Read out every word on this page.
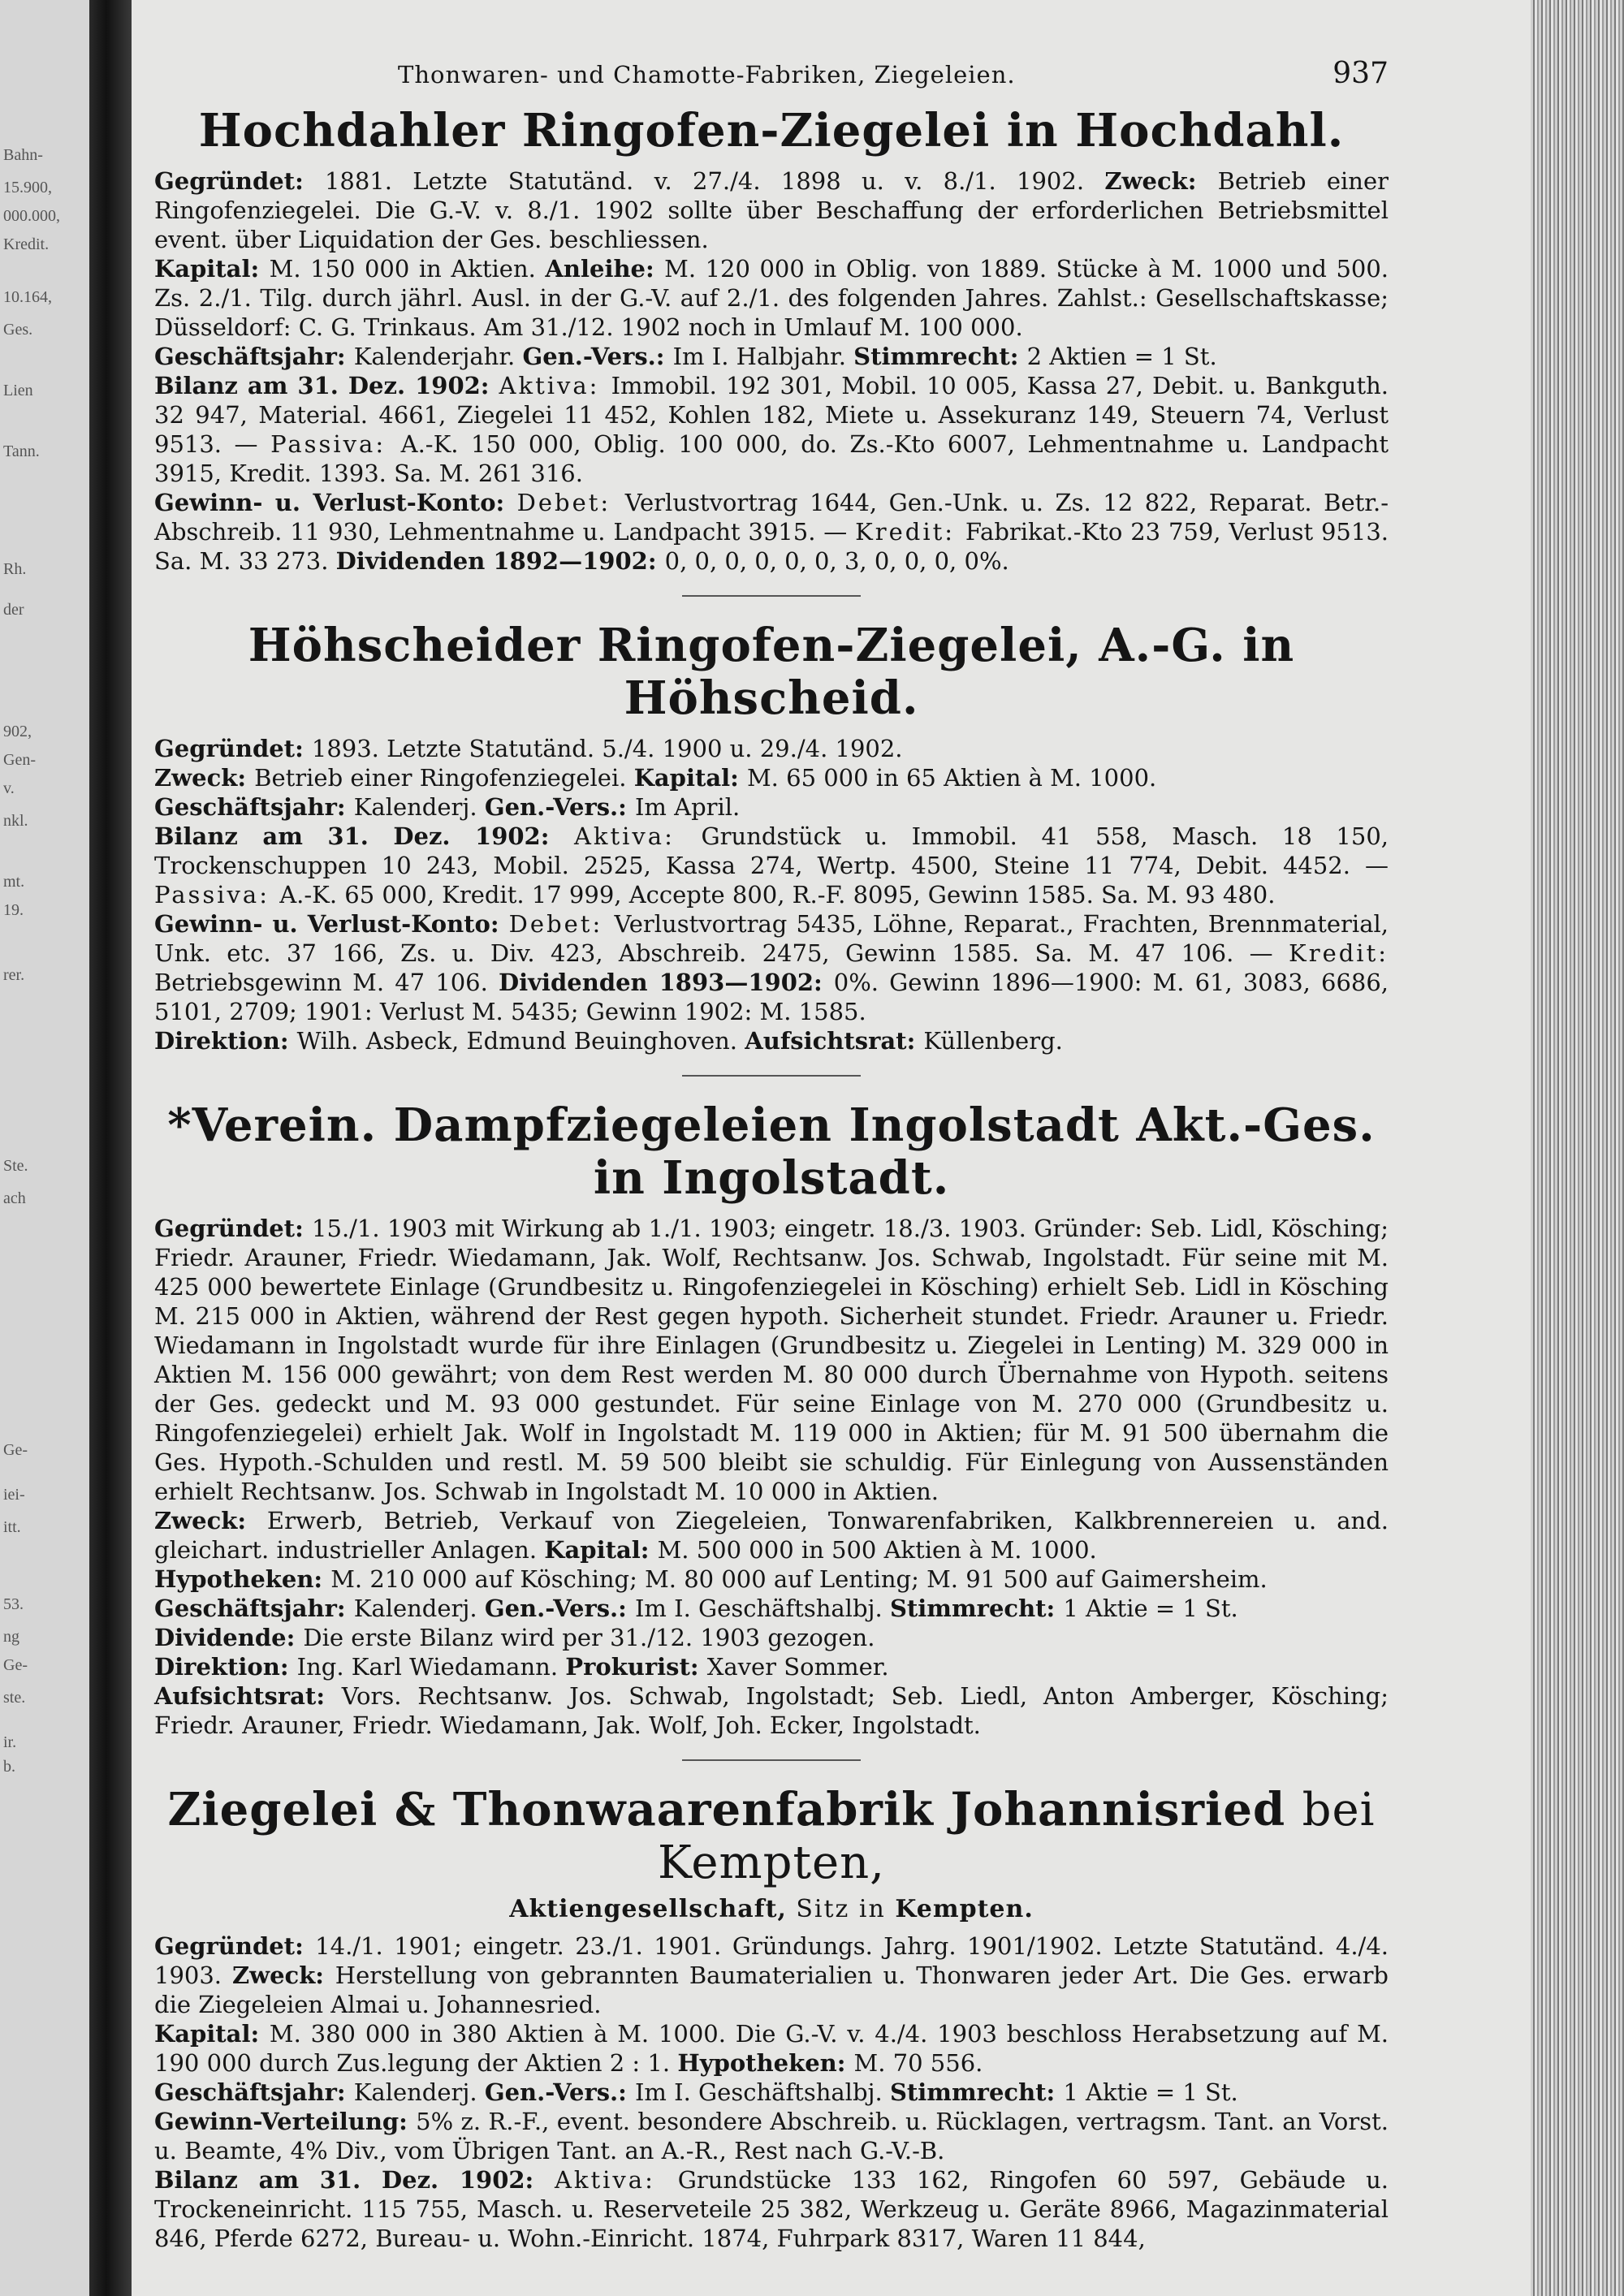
Bahn-
15.900,
000.000,
Kredit.
10.164,
Ges.
Lien
Tann.
Rh.
der
902,
Gen-
v.
nkl.
mt.
19.
rer.
Ste.
ach
Ge-
iei-
itt.
53.
ng
Ge-
ste.
ir.
b.
Thonwaren- und Chamotte-Fabriken, Ziegeleien.	937
Hochdahler Ringofen-Ziegelei in Hochdahl.

Gegründet: 1881. Letzte Statutänd. v. 27./4. 1898 u. v. 8./1. 1902. Zweck: Betrieb einer Ringofenziegelei. Die G.-V. v. 8./1. 1902 sollte über Beschaffung der erforderlichen Betriebsmittel event. über Liquidation der Ges. beschliessen.

Kapital: M. 150 000 in Aktien. Anleihe: M. 120 000 in Oblig. von 1889. Stücke à M. 1000 und 500. Zs. 2./1. Tilg. durch jährl. Ausl. in der G.-V. auf 2./1. des folgenden Jahres. Zahlst.: Gesellschaftskasse; Düsseldorf: C. G. Trinkaus. Am 31./12. 1902 noch in Umlauf M. 100 000.

Geschäftsjahr: Kalenderjahr. Gen.-Vers.: Im I. Halbjahr. Stimmrecht: 2 Aktien = 1 St.

Bilanz am 31. Dez. 1902: Aktiva: Immobil. 192 301, Mobil. 10 005, Kassa 27, Debit. u. Bankguth. 32 947, Material. 4661, Ziegelei 11 452, Kohlen 182, Miete u. Assekuranz 149, Steuern 74, Verlust 9513. — Passiva: A.-K. 150 000, Oblig. 100 000, do. Zs.-Kto 6007, Lehmentnahme u. Landpacht 3915, Kredit. 1393. Sa. M. 261 316.

Gewinn- u. Verlust-Konto: Debet: Verlustvortrag 1644, Gen.-Unk. u. Zs. 12 822, Reparat. Betr.-Abschreib. 11 930, Lehmentnahme u. Landpacht 3915. — Kredit: Fabrikat.-Kto 23 759, Verlust 9513. Sa. M. 33 273. Dividenden 1892—1902: 0, 0, 0, 0, 0, 0, 3, 0, 0, 0, 0%.

Höhscheider Ringofen-Ziegelei, A.-G. in Höhscheid.

Gegründet: 1893. Letzte Statutänd. 5./4. 1900 u. 29./4. 1902.

Zweck: Betrieb einer Ringofenziegelei. Kapital: M. 65 000 in 65 Aktien à M. 1000.

Geschäftsjahr: Kalenderj. Gen.-Vers.: Im April.

Bilanz am 31. Dez. 1902: Aktiva: Grundstück u. Immobil. 41 558, Masch. 18 150, Trockenschuppen 10 243, Mobil. 2525, Kassa 274, Wertp. 4500, Steine 11 774, Debit. 4452. — Passiva: A.-K. 65 000, Kredit. 17 999, Accepte 800, R.-F. 8095, Gewinn 1585. Sa. M. 93 480.

Gewinn- u. Verlust-Konto: Debet: Verlustvortrag 5435, Löhne, Reparat., Frachten, Brennmaterial, Unk. etc. 37 166, Zs. u. Div. 423, Abschreib. 2475, Gewinn 1585. Sa. M. 47 106. — Kredit: Betriebsgewinn M. 47 106. Dividenden 1893—1902: 0%. Gewinn 1896—1900: M. 61, 3083, 6686, 5101, 2709; 1901: Verlust M. 5435; Gewinn 1902: M. 1585.

Direktion: Wilh. Asbeck, Edmund Beuinghoven. Aufsichtsrat: Küllenberg.

*Verein. Dampfziegeleien Ingolstadt Akt.-Ges. in Ingolstadt.

Gegründet: 15./1. 1903 mit Wirkung ab 1./1. 1903; eingetr. 18./3. 1903. Gründer: Seb. Lidl, Kösching; Friedr. Arauner, Friedr. Wiedamann, Jak. Wolf, Rechtsanw. Jos. Schwab, Ingolstadt. Für seine mit M. 425 000 bewertete Einlage (Grundbesitz u. Ringofenziegelei in Kösching) erhielt Seb. Lidl in Kösching M. 215 000 in Aktien, während der Rest gegen hypoth. Sicherheit stundet. Friedr. Arauner u. Friedr. Wiedamann in Ingolstadt wurde für ihre Einlagen (Grundbesitz u. Ziegelei in Lenting) M. 329 000 in Aktien M. 156 000 gewährt; von dem Rest werden M. 80 000 durch Übernahme von Hypoth. seitens der Ges. gedeckt und M. 93 000 gestundet. Für seine Einlage von M. 270 000 (Grundbesitz u. Ringofenziegelei) erhielt Jak. Wolf in Ingolstadt M. 119 000 in Aktien; für M. 91 500 übernahm die Ges. Hypoth.-Schulden und restl. M. 59 500 bleibt sie schuldig. Für Einlegung von Aussenständen erhielt Rechtsanw. Jos. Schwab in Ingolstadt M. 10 000 in Aktien.

Zweck: Erwerb, Betrieb, Verkauf von Ziegeleien, Tonwarenfabriken, Kalkbrennereien u. and. gleichart. industrieller Anlagen. Kapital: M. 500 000 in 500 Aktien à M. 1000.

Hypotheken: M. 210 000 auf Kösching; M. 80 000 auf Lenting; M. 91 500 auf Gaimersheim.

Geschäftsjahr: Kalenderj. Gen.-Vers.: Im I. Geschäftshalbj. Stimmrecht: 1 Aktie = 1 St.

Dividende: Die erste Bilanz wird per 31./12. 1903 gezogen.

Direktion: Ing. Karl Wiedamann. Prokurist: Xaver Sommer.

Aufsichtsrat: Vors. Rechtsanw. Jos. Schwab, Ingolstadt; Seb. Liedl, Anton Amberger, Kösching; Friedr. Arauner, Friedr. Wiedamann, Jak. Wolf, Joh. Ecker, Ingolstadt.

Ziegelei & Thonwaarenfabrik Johannisried bei Kempten,
Aktiengesellschaft, Sitz in Kempten.

Gegründet: 14./1. 1901; eingetr. 23./1. 1901. Gründungs. Jahrg. 1901/1902. Letzte Statutänd. 4./4. 1903. Zweck: Herstellung von gebrannten Baumaterialien u. Thonwaren jeder Art. Die Ges. erwarb die Ziegeleien Almai u. Johannesried.

Kapital: M. 380 000 in 380 Aktien à M. 1000. Die G.-V. v. 4./4. 1903 beschloss Herabsetzung auf M. 190 000 durch Zus.legung der Aktien 2 : 1. Hypotheken: M. 70 556.

Geschäftsjahr: Kalenderj. Gen.-Vers.: Im I. Geschäftshalbj. Stimmrecht: 1 Aktie = 1 St.

Gewinn-Verteilung: 5% z. R.-F., event. besondere Abschreib. u. Rücklagen, vertragsm. Tant. an Vorst. u. Beamte, 4% Div., vom Übrigen Tant. an A.-R., Rest nach G.-V.-B.

Bilanz am 31. Dez. 1902: Aktiva: Grundstücke 133 162, Ringofen 60 597, Gebäude u. Trockeneinricht. 115 755, Masch. u. Reserveteile 25 382, Werkzeug u. Geräte 8966, Magazinmaterial 846, Pferde 6272, Bureau- u. Wohn.-Einricht. 1874, Fuhrpark 8317, Waren 11 844,
